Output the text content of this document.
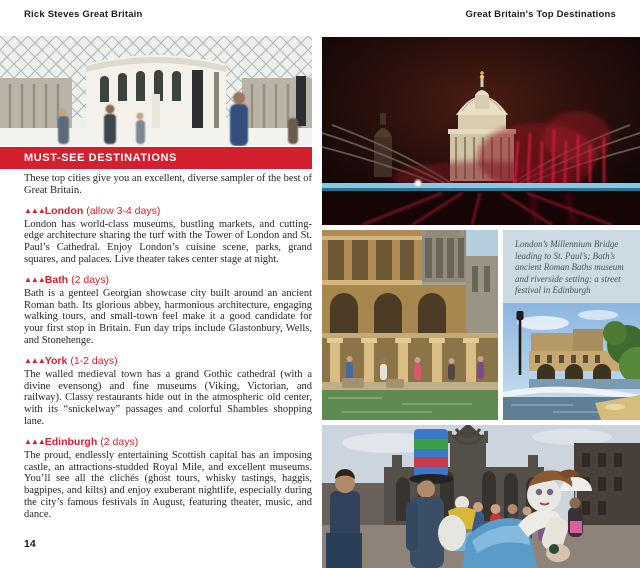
Rick Steves Great Britain	Great Britain's Top Destinations
MUST-SEE DESTINATIONS

These top cities give you an excellent, diverse sampler of the best of Great Britain.

▲▲▲London (allow 3-4 days)

London has world-class museums, bustling markets, and cutting-edge architecture sharing the turf with the Tower of London and St. Paul’s Cathedral. Enjoy London’s cuisine scene, parks, grand squares, and palaces. Live theater takes center stage at night.

▲▲▲Bath (2 days)

Bath is a genteel Georgian showcase city built around an ancient Roman bath. Its glorious abbey, harmonious architecture, engaging walking tours, and small-town feel make it a good candidate for your first stop in Britain. Fun day trips include Glastonbury, Wells, and Stonehenge.

▲▲▲York (1-2 days)

The walled medieval town has a grand Gothic cathedral (with a divine evensong) and fine museums (Viking, Victorian, and railway). Classy restaurants hide out in the atmospheric old center, with its “snickelway” passages and colorful Shambles shopping lane.

▲▲▲Edinburgh (2 days)

The proud, endlessly entertaining Scottish capital has an imposing castle, an attractions-studded Royal Mile, and excellent museums. You’ll see all the clichés (ghost tours, whisky tastings, haggis, bagpipes, and kilts) and enjoy exuberant nightlife, especially during the city’s famous festivals in August, featuring theater, music, and dance.

14

London’s Millennium Bridge leading to St. Paul’s; Bath’s ancient Roman Baths museum and riverside setting; a street festival in Edinburgh
